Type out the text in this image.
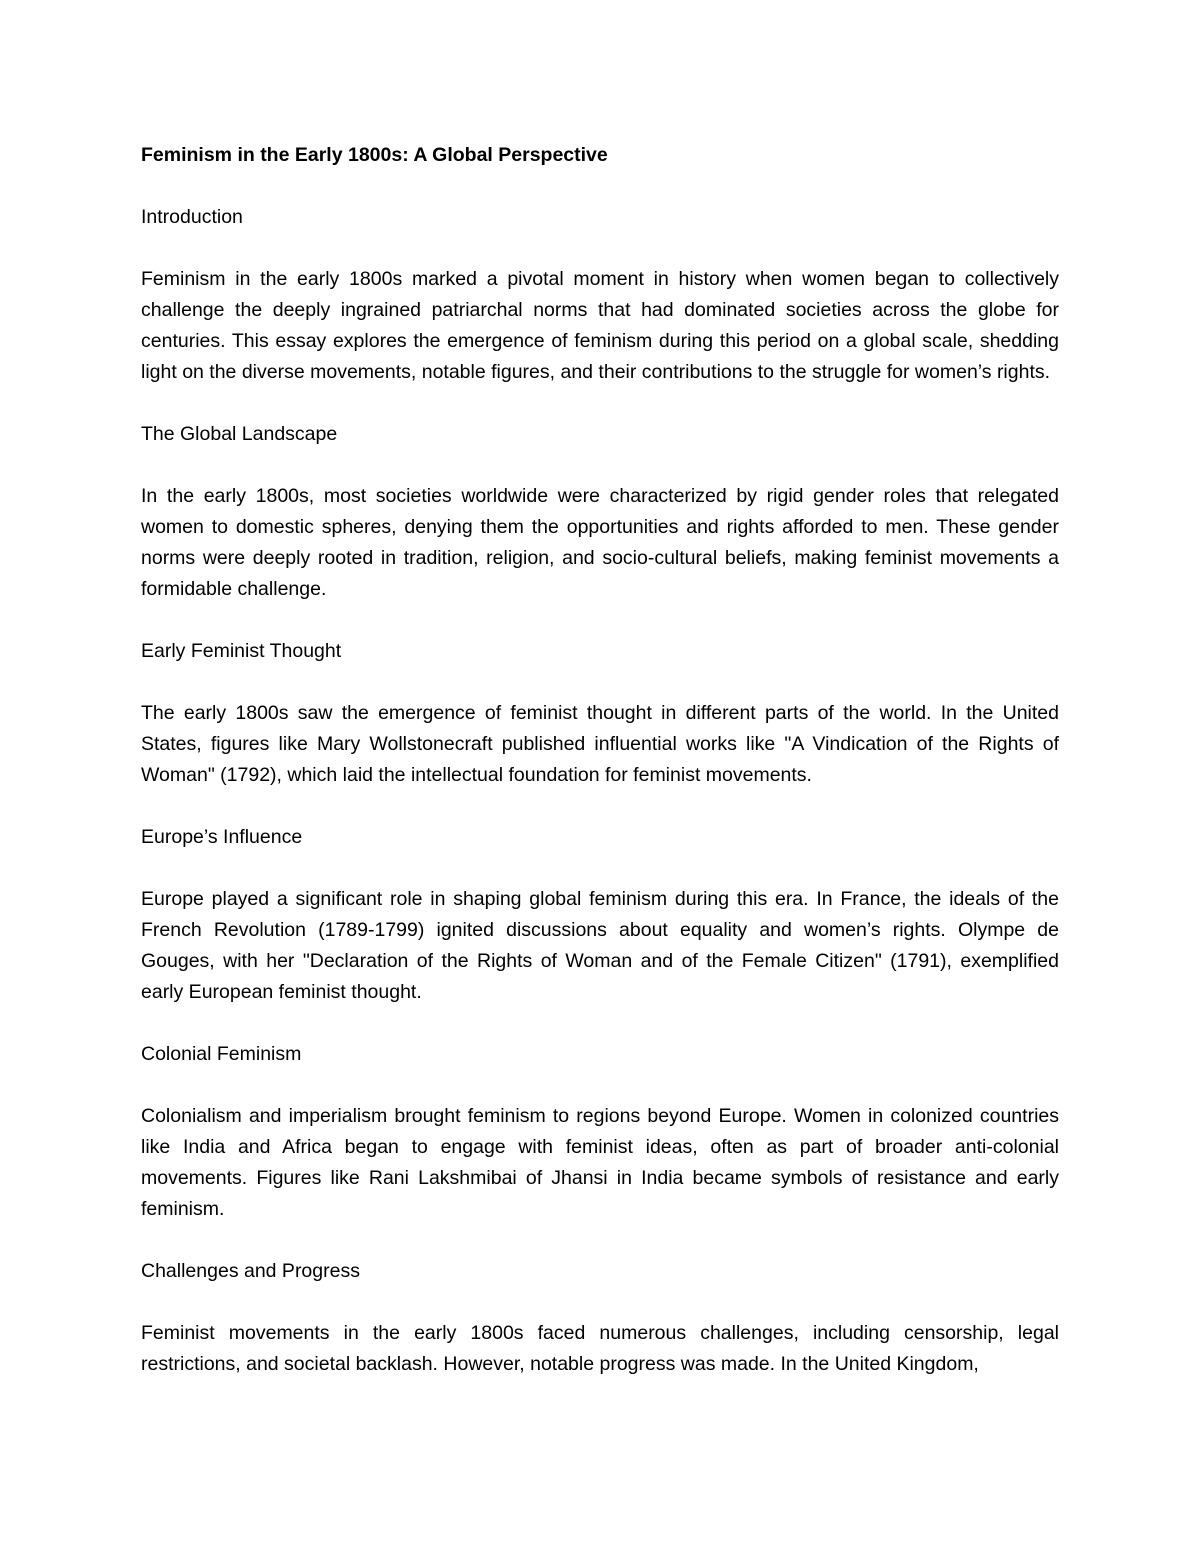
Feminism in the Early 1800s: A Global Perspective
Introduction
Feminism in the early 1800s marked a pivotal moment in history when women began to collectively challenge the deeply ingrained patriarchal norms that had dominated societies across the globe for centuries. This essay explores the emergence of feminism during this period on a global scale, shedding light on the diverse movements, notable figures, and their contributions to the struggle for women’s rights.
The Global Landscape
In the early 1800s, most societies worldwide were characterized by rigid gender roles that relegated women to domestic spheres, denying them the opportunities and rights afforded to men. These gender norms were deeply rooted in tradition, religion, and socio-cultural beliefs, making feminist movements a formidable challenge.
Early Feminist Thought
The early 1800s saw the emergence of feminist thought in different parts of the world. In the United States, figures like Mary Wollstonecraft published influential works like "A Vindication of the Rights of Woman" (1792), which laid the intellectual foundation for feminist movements.
Europe’s Influence
Europe played a significant role in shaping global feminism during this era. In France, the ideals of the French Revolution (1789-1799) ignited discussions about equality and women’s rights. Olympe de Gouges, with her "Declaration of the Rights of Woman and of the Female Citizen" (1791), exemplified early European feminist thought.
Colonial Feminism
Colonialism and imperialism brought feminism to regions beyond Europe. Women in colonized countries like India and Africa began to engage with feminist ideas, often as part of broader anti-colonial movements. Figures like Rani Lakshmibai of Jhansi in India became symbols of resistance and early feminism.
Challenges and Progress
Feminist movements in the early 1800s faced numerous challenges, including censorship, legal restrictions, and societal backlash. However, notable progress was made. In the United Kingdom,
